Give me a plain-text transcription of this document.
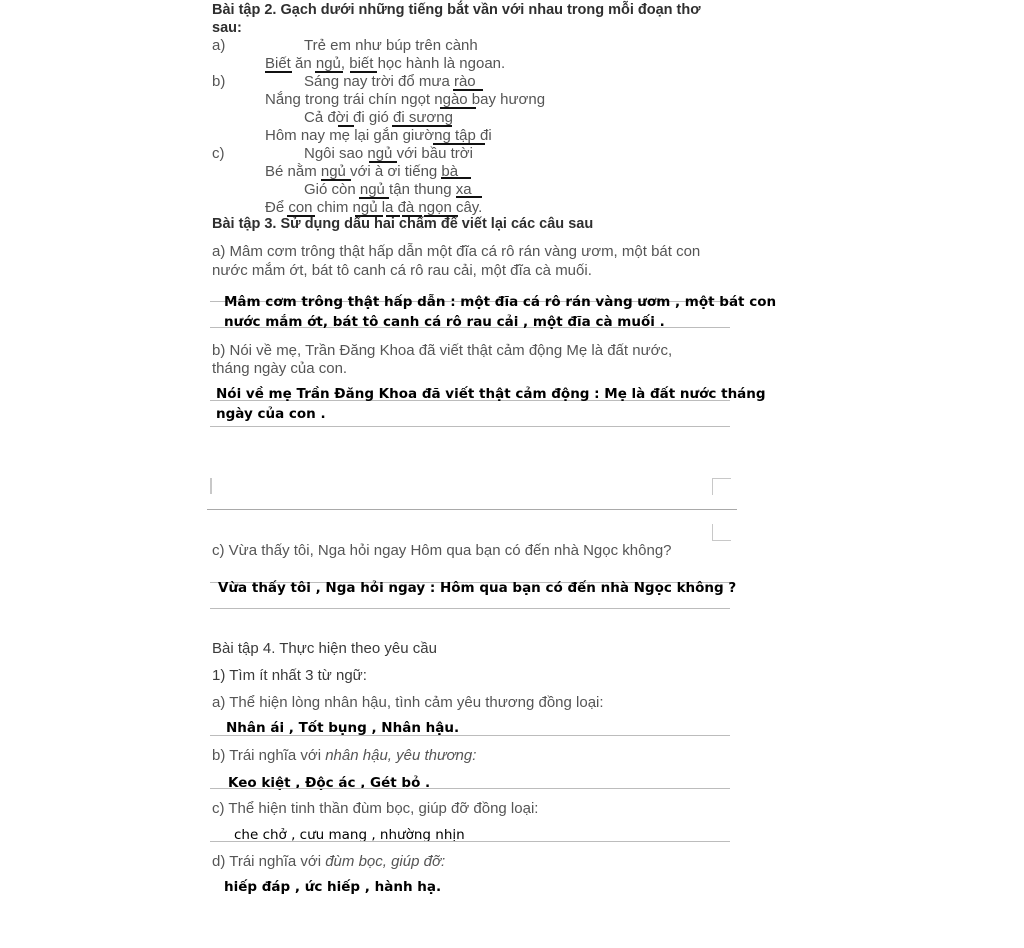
Bài tập 2. Gạch dưới những tiếng bắt vần với nhau trong mỗi đoạn thơ
sau:
a)	Trẻ em như búp trên cành
Biết ăn ngủ, biết học hành là ngoan.
b)	Sáng nay trời đổ mưa rào
Nắng trong trái chín ngọt ngào bay hương
Cả đời đi gió đi sương
Hôm nay mẹ lại gắn giường tập đi
c)	Ngôi sao ngủ với bầu trời
Bé nằm ngủ với à ơi tiếng bà
Gió còn ngủ tận thung xa
Để con chim ngủ la đà ngọn cây.
Bài tập 3. Sử dụng dấu hai chấm để viết lại các câu sau
a) Mâm cơm trông thật hấp dẫn một đĩa cá rô rán vàng ươm, một bát con
nước mắm ớt, bát tô canh cá rô rau cải, một đĩa cà muối.
Mâm cơm trông thật hấp dẫn : một đĩa cá rô rán vàng ươm , một bát con
nước mắm ớt, bát tô canh cá rô rau cải , một đĩa cà muối .
b) Nói về mẹ, Trần Đăng Khoa đã viết thật cảm động Mẹ là đất nước,
tháng ngày của con.
Nói về mẹ Trần Đăng Khoa đã viết thật cảm động : Mẹ là đất nước tháng
ngày của con .
c) Vừa thấy tôi, Nga hỏi ngay Hôm qua bạn có đến nhà Ngọc không?
Vừa thấy tôi , Nga hỏi ngay : Hôm qua bạn có đến nhà Ngọc không ?
Bài tập 4. Thực hiện theo yêu cầu
1) Tìm ít nhất 3 từ ngữ:
a) Thể hiện lòng nhân hậu, tình cảm yêu thương đồng loại:
Nhân ái , Tốt bụng , Nhân hậu.
b) Trái nghĩa với nhân hậu, yêu thương:
Keo kiệt , Độc ác , Gét bỏ .
c) Thể hiện tinh thần đùm bọc, giúp đỡ đồng loại:
che chở , cưu mang , nhường nhịn
d) Trái nghĩa với đùm bọc, giúp đỡ:
hiếp đáp , ức hiếp , hành hạ.
